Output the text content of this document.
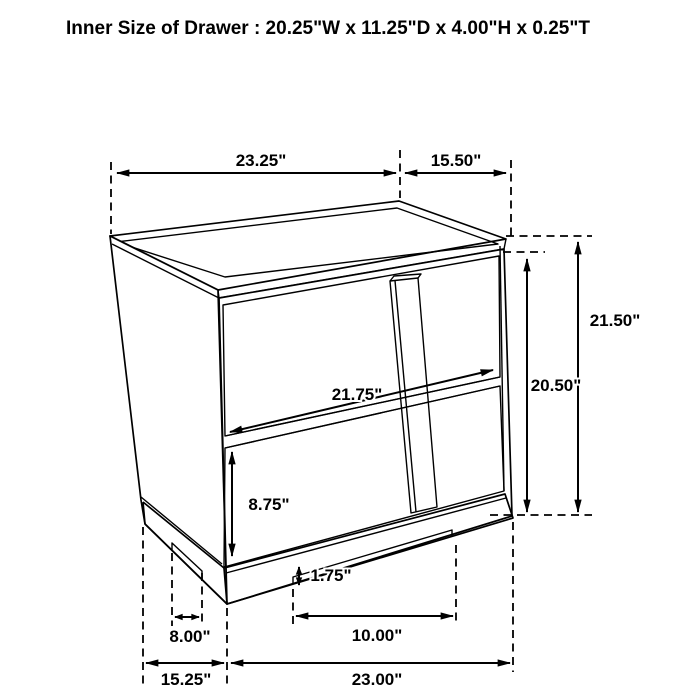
23.25"	15.50"
21.50"
20.50"
21.75"
8.75"
1.75"
8.00"	10.00"
15.25"	23.00"
Inner Size of Drawer : 20.25"W x 11.25"D x 4.00"H x 0.25"T
